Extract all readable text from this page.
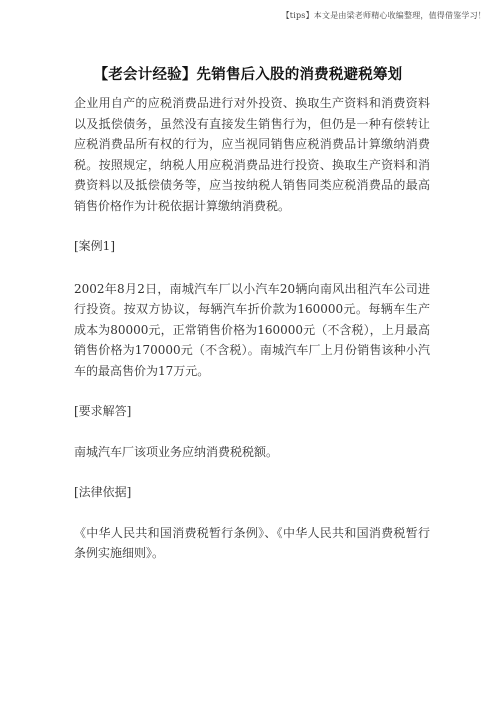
【tips】本文是由梁老师精心收编整理，值得借鉴学习！
【老会计经验】先销售后入股的消费税避税筹划

企业用自产的应税消费品进行对外投资、换取生产资料和消费资料以及抵偿债务，虽然没有直接发生销售行为，但仍是一种有偿转让应税消费品所有权的行为，应当视同销售应税消费品计算缴纳消费税。按照规定，纳税人用应税消费品进行投资、换取生产资料和消费资料以及抵偿债务等，应当按纳税人销售同类应税消费品的最高销售价格作为计税依据计算缴纳消费税。

[案例1]

2002年8月2日，南城汽车厂以小汽车20辆向南风出租汽车公司进行投资。按双方协议，每辆汽车折价款为160000元。每辆车生产成本为80000元，正常销售价格为160000元（不含税），上月最高销售价格为170000元（不含税）。南城汽车厂上月份销售该种小汽车的最高售价为17万元。

[要求解答]

南城汽车厂该项业务应纳消费税税额。

[法律依据]

《中华人民共和国消费税暂行条例》、《中华人民共和国消费税暂行条例实施细则》。
